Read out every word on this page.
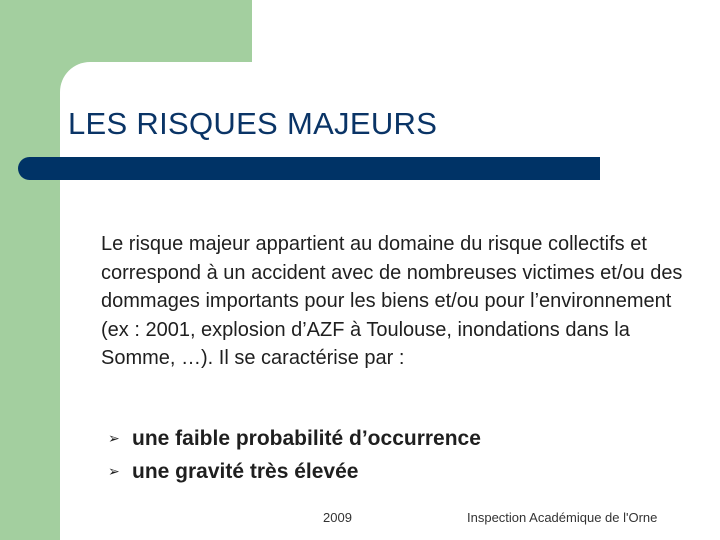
LES RISQUES MAJEURS
Le risque majeur appartient au domaine du risque collectifs et correspond à un accident avec de nombreuses victimes et/ou des dommages importants pour les biens et/ou pour l’environnement (ex : 2001, explosion d’AZF à Toulouse, inondations dans la Somme, …). Il se caractérise par :
➢ une faible probabilité d’occurrence
➢ une gravité très élevée
2009	Inspection Académique de l'Orne
